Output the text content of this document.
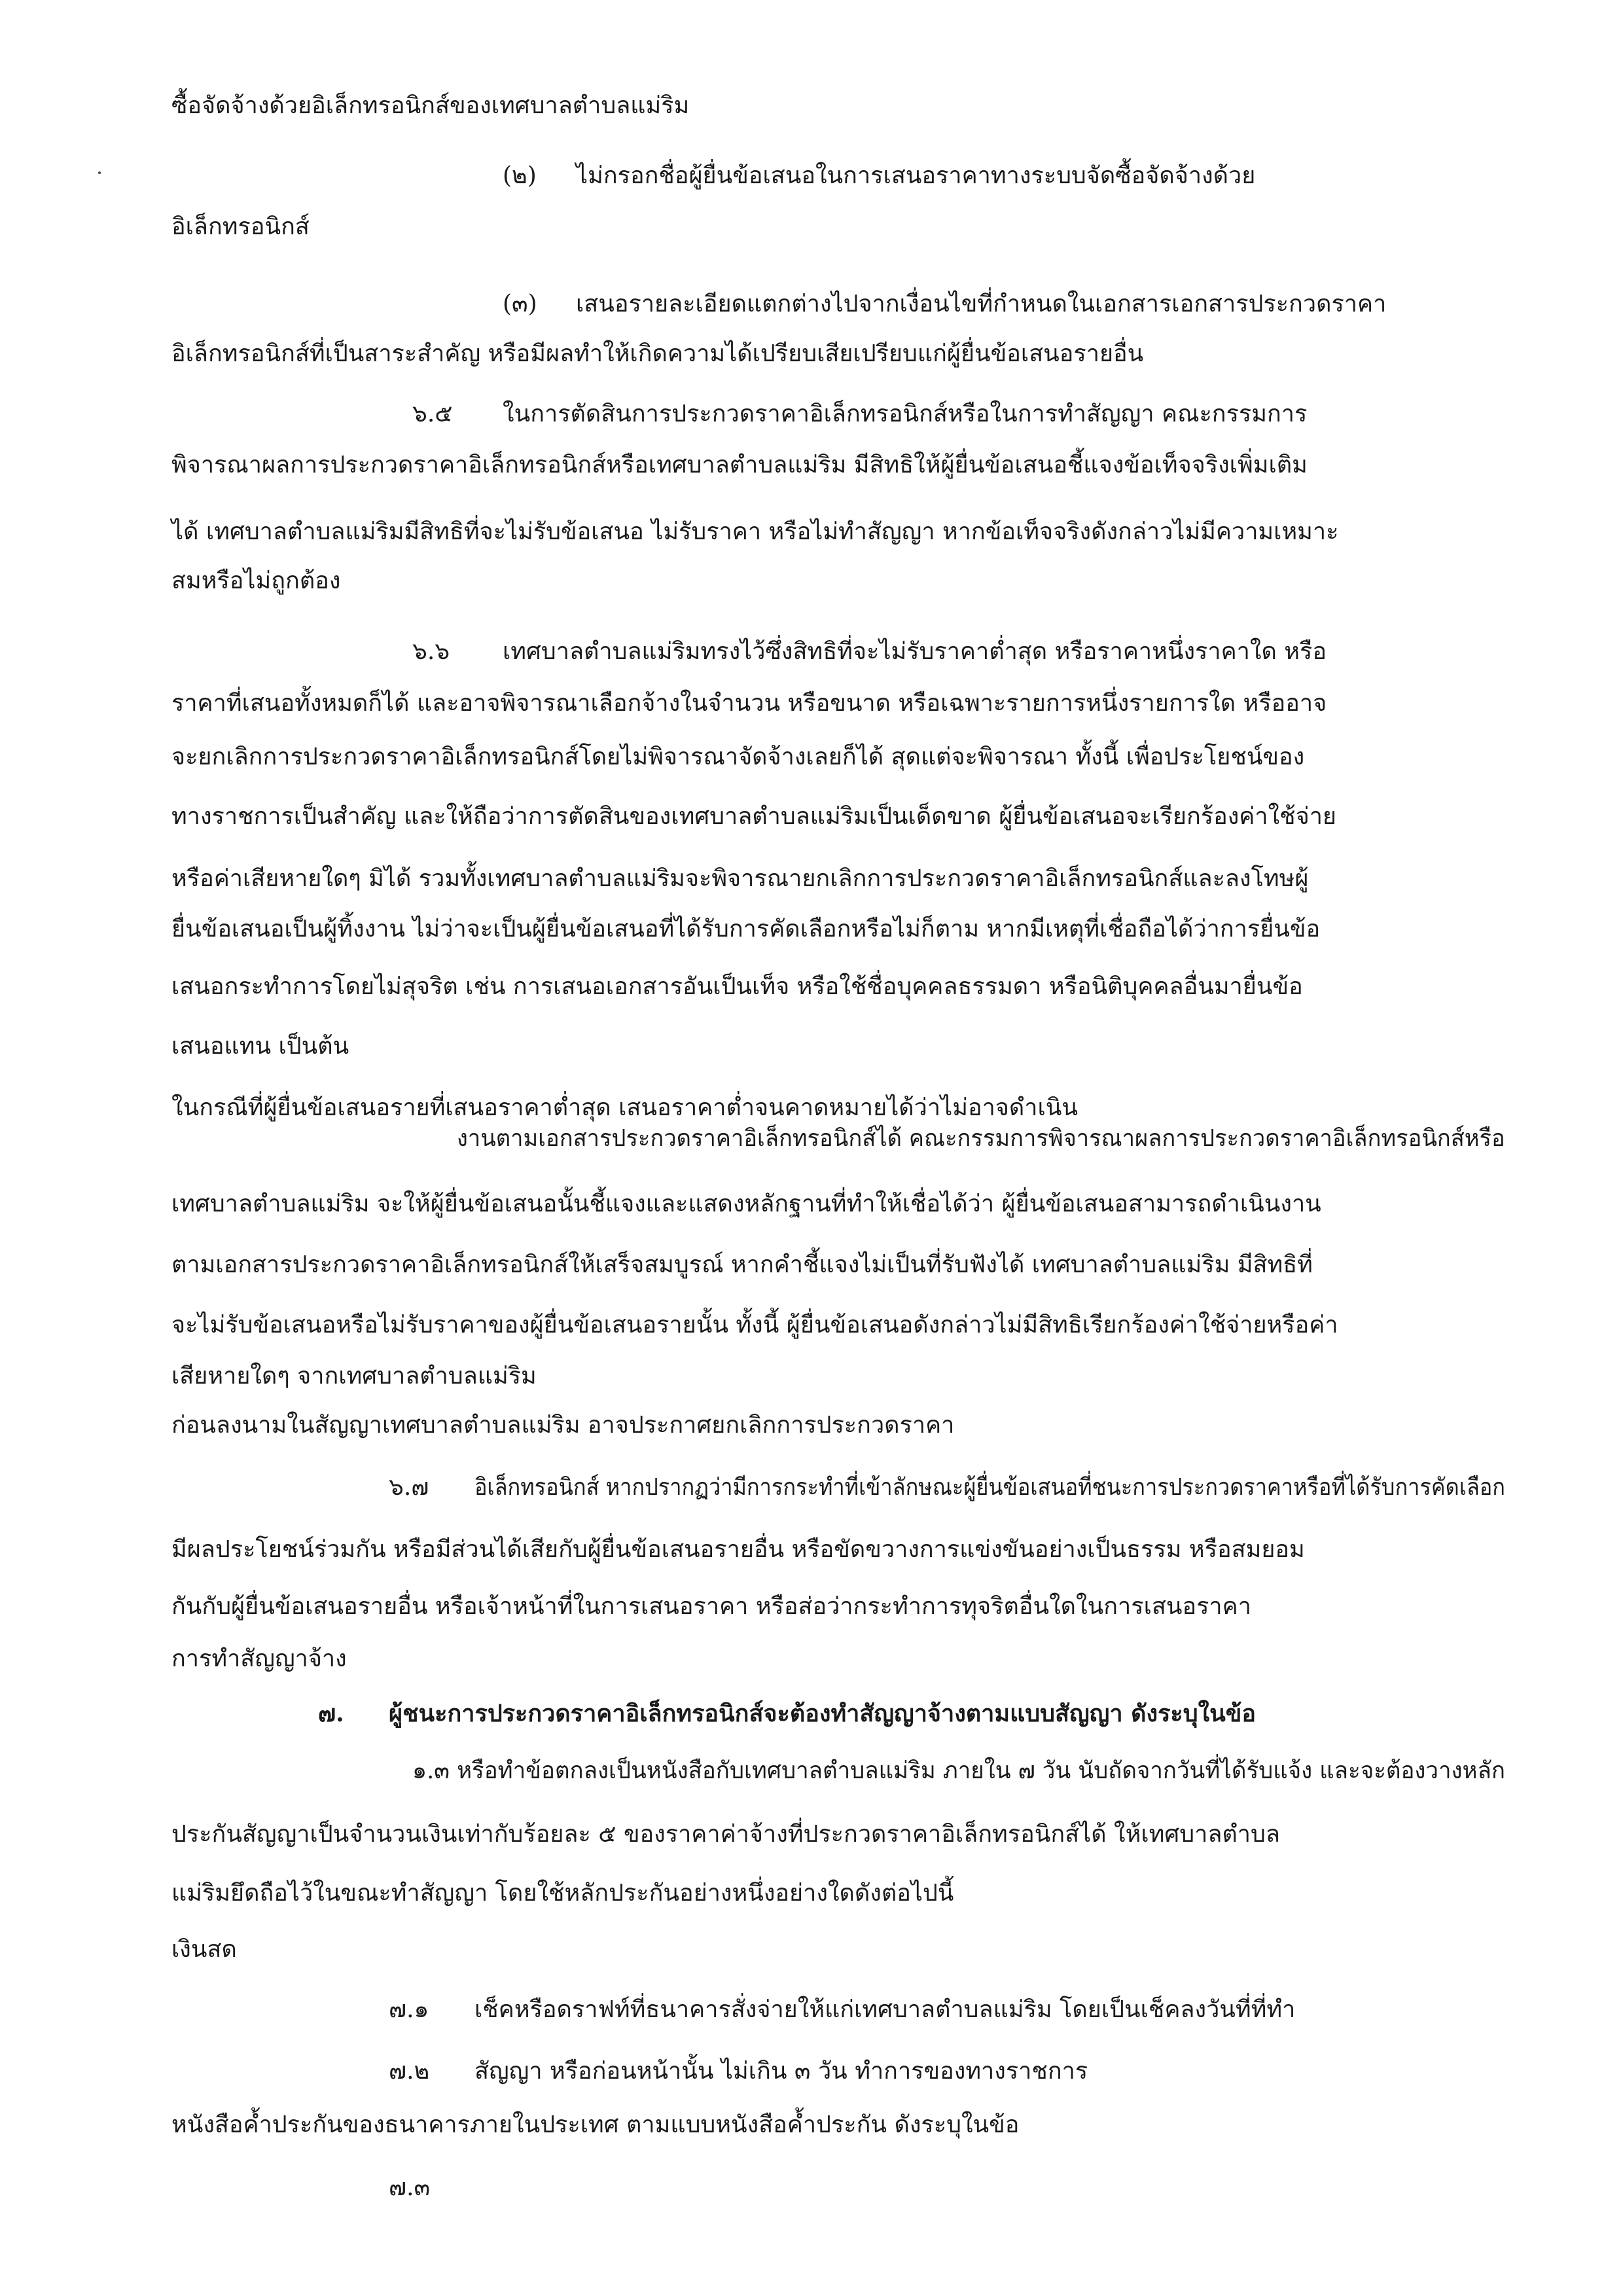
ซื้อจัดจ้างด้วยอิเล็กทรอนิกส์ของเทศบาลตำบลแม่ริม
(๒) ไม่กรอกชื่อผู้ยื่นข้อเสนอในการเสนอราคาทางระบบจัดซื้อจัดจ้างด้วย
อิเล็กทรอนิกส์
(๓) เสนอรายละเอียดแตกต่างไปจากเงื่อนไขที่กำหนดในเอกสารเอกสารประกวดราคา
อิเล็กทรอนิกส์ที่เป็นสาระสำคัญ หรือมีผลทำให้เกิดความได้เปรียบเสียเปรียบแก่ผู้ยื่นข้อเสนอรายอื่น
๖.๕ ในการตัดสินการประกวดราคาอิเล็กทรอนิกส์หรือในการทำสัญญา คณะกรรมการ
พิจารณาผลการประกวดราคาอิเล็กทรอนิกส์หรือเทศบาลตำบลแม่ริม มีสิทธิให้ผู้ยื่นข้อเสนอชี้แจงข้อเท็จจริงเพิ่มเติม
ได้ เทศบาลตำบลแม่ริมมีสิทธิที่จะไม่รับข้อเสนอ ไม่รับราคา หรือไม่ทำสัญญา หากข้อเท็จจริงดังกล่าวไม่มีความเหมาะ
สมหรือไม่ถูกต้อง
๖.๖ เทศบาลตำบลแม่ริมทรงไว้ซึ่งสิทธิที่จะไม่รับราคาต่ำสุด หรือราคาหนึ่งราคาใด หรือ
ราคาที่เสนอทั้งหมดก็ได้ และอาจพิจารณาเลือกจ้างในจำนวน หรือขนาด หรือเฉพาะรายการหนึ่งรายการใด หรืออาจ
จะยกเลิกการประกวดราคาอิเล็กทรอนิกส์โดยไม่พิจารณาจัดจ้างเลยก็ได้ สุดแต่จะพิจารณา ทั้งนี้ เพื่อประโยชน์ของ
ทางราชการเป็นสำคัญ และให้ถือว่าการตัดสินของเทศบาลตำบลแม่ริมเป็นเด็ดขาด ผู้ยื่นข้อเสนอจะเรียกร้องค่าใช้จ่าย
หรือค่าเสียหายใดๆ มิได้ รวมทั้งเทศบาลตำบลแม่ริมจะพิจารณายกเลิกการประกวดราคาอิเล็กทรอนิกส์และลงโทษผู้
ยื่นข้อเสนอเป็นผู้ทิ้งงาน ไม่ว่าจะเป็นผู้ยื่นข้อเสนอที่ได้รับการคัดเลือกหรือไม่ก็ตาม หากมีเหตุที่เชื่อถือได้ว่าการยื่นข้อ
เสนอกระทำการโดยไม่สุจริต เช่น การเสนอเอกสารอันเป็นเท็จ หรือใช้ชื่อบุคคลธรรมดา หรือนิติบุคคลอื่นมายื่นข้อ
เสนอแทน เป็นต้น
ในกรณีที่ผู้ยื่นข้อเสนอรายที่เสนอราคาต่ำสุด เสนอราคาต่ำจนคาดหมายได้ว่าไม่อาจดำเนิน
งานตามเอกสารประกวดราคาอิเล็กทรอนิกส์ได้ คณะกรรมการพิจารณาผลการประกวดราคาอิเล็กทรอนิกส์หรือ
เทศบาลตำบลแม่ริม จะให้ผู้ยื่นข้อเสนอนั้นชี้แจงและแสดงหลักฐานที่ทำให้เชื่อได้ว่า ผู้ยื่นข้อเสนอสามารถดำเนินงาน
ตามเอกสารประกวดราคาอิเล็กทรอนิกส์ให้เสร็จสมบูรณ์ หากคำชี้แจงไม่เป็นที่รับฟังได้ เทศบาลตำบลแม่ริม มีสิทธิที่
จะไม่รับข้อเสนอหรือไม่รับราคาของผู้ยื่นข้อเสนอรายนั้น ทั้งนี้ ผู้ยื่นข้อเสนอดังกล่าวไม่มีสิทธิเรียกร้องค่าใช้จ่ายหรือค่า
เสียหายใดๆ จากเทศบาลตำบลแม่ริม
ก่อนลงนามในสัญญาเทศบาลตำบลแม่ริม อาจประกาศยกเลิกการประกวดราคา
๖.๗ อิเล็กทรอนิกส์ หากปรากฏว่ามีการกระทำที่เข้าลักษณะผู้ยื่นข้อเสนอที่ชนะการประกวดราคาหรือที่ได้รับการคัดเลือก
มีผลประโยชน์ร่วมกัน หรือมีส่วนได้เสียกับผู้ยื่นข้อเสนอรายอื่น หรือขัดขวางการแข่งขันอย่างเป็นธรรม หรือสมยอม
กันกับผู้ยื่นข้อเสนอรายอื่น หรือเจ้าหน้าที่ในการเสนอราคา หรือส่อว่ากระทำการทุจริตอื่นใดในการเสนอราคา
การทำสัญญาจ้าง
๗. ผู้ชนะการประกวดราคาอิเล็กทรอนิกส์จะต้องทำสัญญาจ้างตามแบบสัญญา ดังระบุในข้อ
๑.๓ หรือทำข้อตกลงเป็นหนังสือกับเทศบาลตำบลแม่ริม ภายใน ๗ วัน นับถัดจากวันที่ได้รับแจ้ง และจะต้องวางหลัก
ประกันสัญญาเป็นจำนวนเงินเท่ากับร้อยละ ๕ ของราคาค่าจ้างที่ประกวดราคาอิเล็กทรอนิกส์ได้ ให้เทศบาลตำบล
แม่ริมยึดถือไว้ในขณะทำสัญญา โดยใช้หลักประกันอย่างหนึ่งอย่างใดดังต่อไปนี้
เงินสด
๗.๑ เช็คหรือดราฟท์ที่ธนาคารสั่งจ่ายให้แก่เทศบาลตำบลแม่ริม โดยเป็นเช็คลงวันที่ที่ทำ
๗.๒ สัญญา หรือก่อนหน้านั้น ไม่เกิน ๓ วัน ทำการของทางราชการ
หนังสือค้ำประกันของธนาคารภายในประเทศ ตามแบบหนังสือค้ำประกัน ดังระบุในข้อ
๗.๓
